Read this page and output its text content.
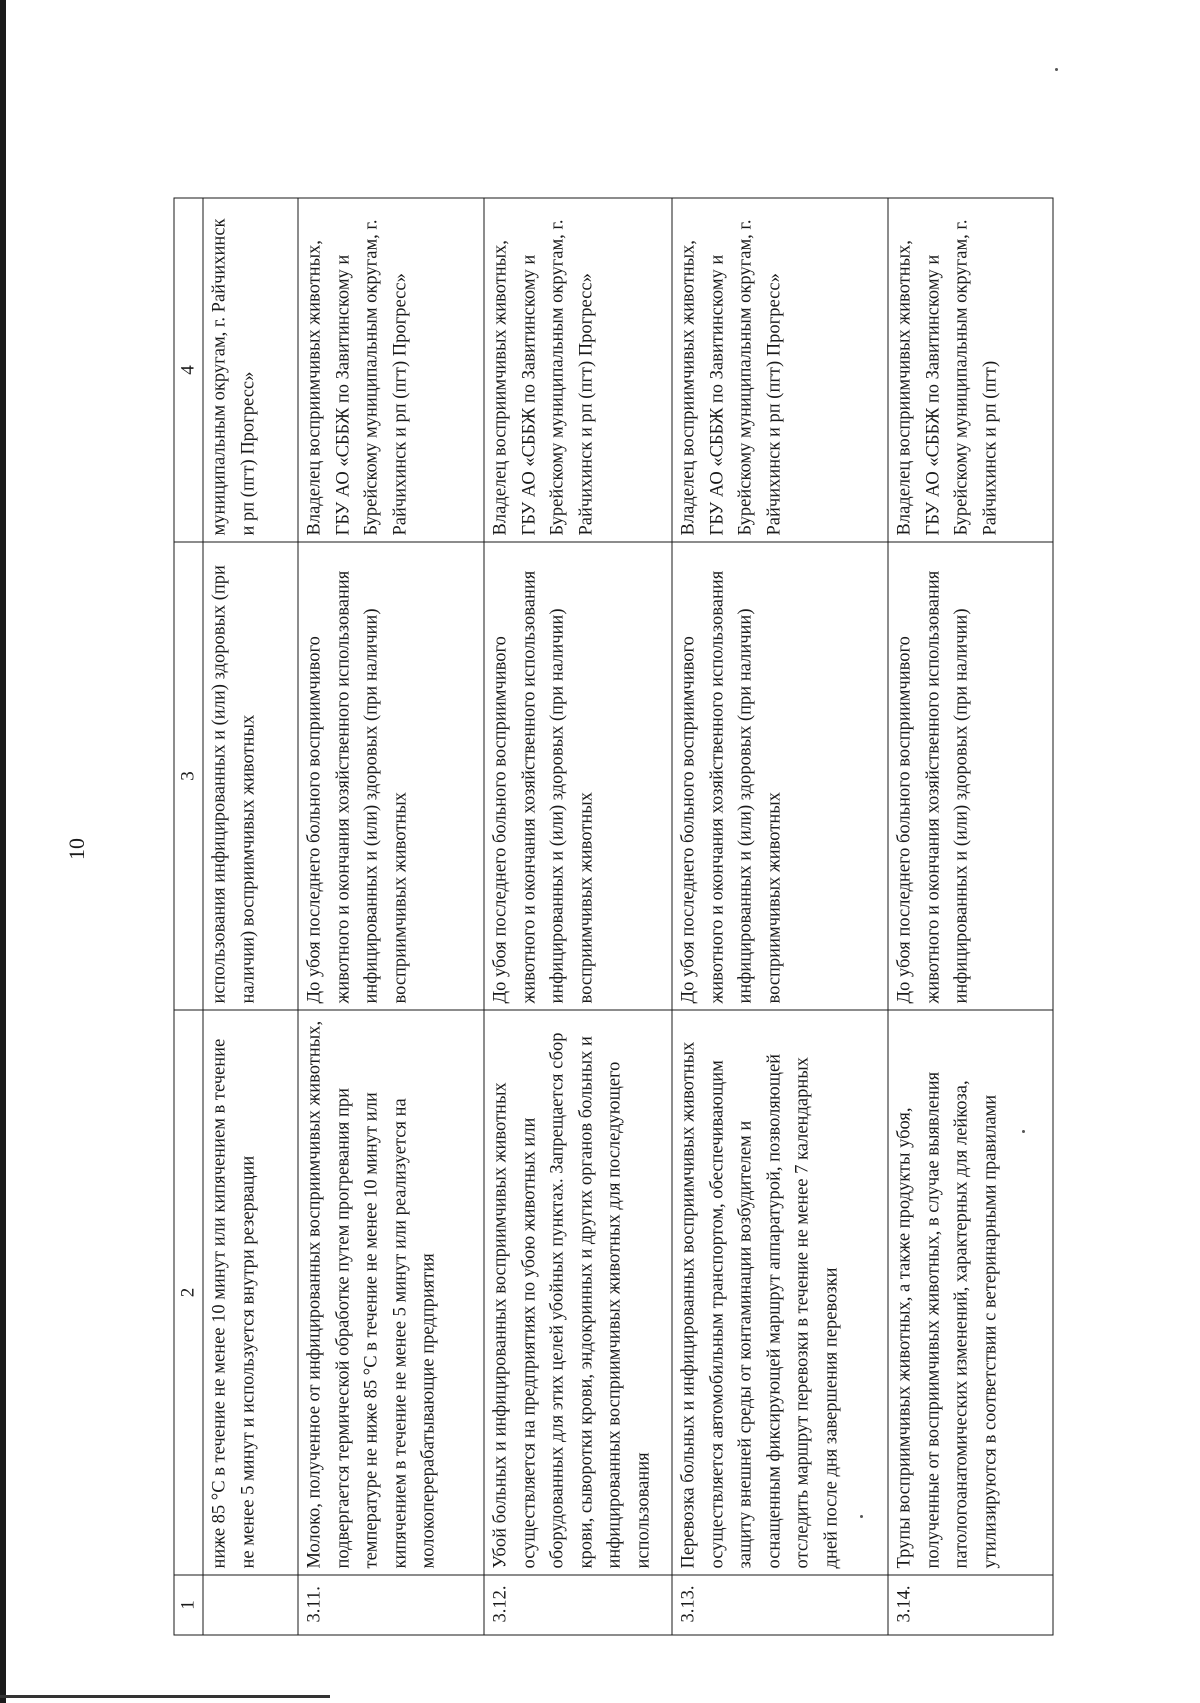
10
1	2	3	4
	ниже 85 °С в течение не менее 10 минут или кипячением в течение не менее 5 минут и используется внутри резервации	использования инфицированных и (или) здоровых (при наличии) восприимчивых животных	муниципальным округам, г. Райчихинск и рп (пгт) Прогресс»
3.11.	Молоко, полученное от инфицированных восприимчивых животных, подвергается термической обработке путем прогревания при температуре не ниже 85 °С в течение не менее 10 минут или кипячением в течение не менее 5 минут или реализуется на молокоперерабатывающие предприятия	До убоя последнего больного восприимчивого животного и окончания хозяйственного использования инфицированных и (или) здоровых (при наличии) восприимчивых животных	Владелец восприимчивых животных, ГБУ АО «СББЖ по Завитинскому и Бурейскому муниципальным округам, г. Райчихинск и рп (пгт) Прогресс»
3.12.	Убой больных и инфицированных восприимчивых животных осуществляется на предприятиях по убою животных или оборудованных для этих целей убойных пунктах. Запрещается сбор крови, сыворотки крови, эндокринных и других органов больных и инфицированных восприимчивых животных для последующего использования	До убоя последнего больного восприимчивого животного и окончания хозяйственного использования инфицированных и (или) здоровых (при наличии) восприимчивых животных	Владелец восприимчивых животных, ГБУ АО «СББЖ по Завитинскому и Бурейскому муниципальным округам, г. Райчихинск и рп (пгт) Прогресс»
3.13.	Перевозка больных и инфицированных восприимчивых животных осуществляется автомобильным транспортом, обеспечивающим защиту внешней среды от контаминации возбудителем и оснащенным фиксирующей маршрут аппаратурой, позволяющей отследить маршрут перевозки в течение не менее 7 календарных дней после дня завершения перевозки	До убоя последнего больного восприимчивого животного и окончания хозяйственного использования инфицированных и (или) здоровых (при наличии) восприимчивых животных	Владелец восприимчивых животных, ГБУ АО «СББЖ по Завитинскому и Бурейскому муниципальным округам, г. Райчихинск и рп (пгт) Прогресс»
3.14.	Трупы восприимчивых животных, а также продукты убоя, полученные от восприимчивых животных, в случае выявления патологоанатомических изменений, характерных для лейкоза, утилизируются в соответствии с ветеринарными правилами	До убоя последнего больного восприимчивого животного и окончания хозяйственного использования инфицированных и (или) здоровых (при наличии)	Владелец восприимчивых животных, ГБУ АО «СББЖ по Завитинскому и Бурейскому муниципальным округам, г. Райчихинск и рп (пгт)
